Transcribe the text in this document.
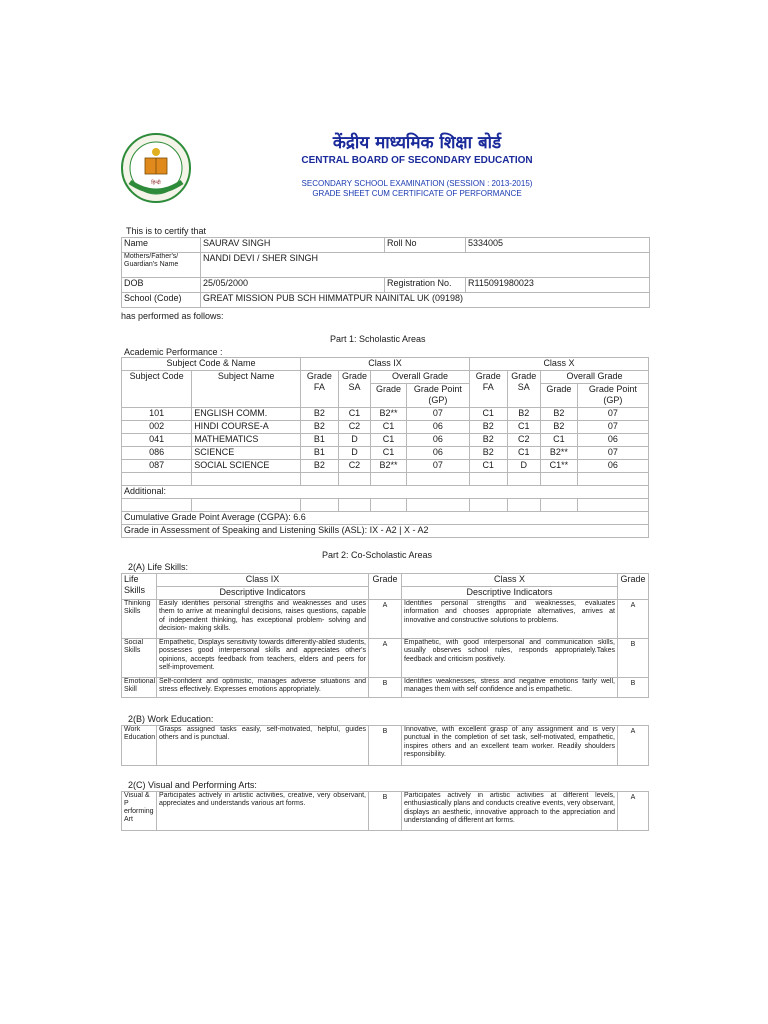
हिन्दी
केंद्रीय माध्यमिक शिक्षा बोर्ड
CENTRAL BOARD OF SECONDARY EDUCATION
SECONDARY SCHOOL EXAMINATION (SESSION : 2013-2015)
GRADE SHEET CUM CERTIFICATE OF PERFORMANCE
This is to certify that
Name	SAURAV SINGH	Roll No	5334005
Mothers/Father's/ Guardian's Name	NANDI DEVI / SHER SINGH		
DOB	25/05/2000	Registration No.	R115091980023
School (Code)	GREAT MISSION PUB SCH HIMMATPUR NAINITAL UK (09198)		
has performed as follows:
Part 1: Scholastic Areas
Academic Performance :
Subject Code & Name		Class IX				Class X			
Subject Code	Subject Name	Grade FA	Grade SA	Overall Grade		Grade FA	Grade SA	Overall Grade	
				Grade	Grade Point (GP)			Grade	Grade Point (GP)
101	ENGLISH COMM.	B2	C1	B2**	07	C1	B2	B2	07
002	HINDI COURSE-A	B2	C2	C1	06	B2	C1	B2	07
041	MATHEMATICS	B1	D	C1	06	B2	C2	C1	06
086	SCIENCE	B1	D	C1	06	B2	C1	B2**	07
087	SOCIAL SCIENCE	B2	C2	B2**	07	C1	D	C1**	06

Additional:									

Cumulative Grade Point Average (CGPA): 6.6									
Grade in Assessment of Speaking and Listening Skills (ASL): IX - A2 | X - A2									
Part 2: Co-Scholastic Areas
2(A) Life Skills:
Life Skills	Class IX	Grade	Class X	Grade
	Descriptive Indicators		Descriptive Indicators	
Thinking Skills	Easily identifies personal strengths and weaknesses and uses them to arrive at meaningful decisions, raises questions, capable of independent thinking, has exceptional problem- solving and decision- making skills.	A	Identifies personal strengths and weaknesses, evaluates information and chooses appropriate alternatives, arrives at innovative and constructive solutions to problems.	A
Social Skills	Empathetic, Displays sensitivity towards differently-abled students, possesses good interpersonal skills and appreciates other's opinions, accepts feedback from teachers, elders and peers for self-improvement.	A	Empathetic, with good interpersonal and communication skills, usually observes school rules, responds appropriately.Takes feedback and criticism positively.	B
Emotional Skill	Self-confident and optimistic, manages adverse situations and stress effectively. Expresses emotions appropriately.	B	Identifies weaknesses, stress and negative emotions fairly well, manages them with self confidence and is empathetic.	B
2(B) Work Education:
Work Education	Grasps assigned tasks easily, self-motivated, helpful, guides others and is punctual.	B	Innovative, with excellent grasp of any assignment and is very punctual in the completion of set task, self-motivated, empathetic, inspires others and an excellent team worker. Readily shoulders responsibility.	A
2(C) Visual and Performing Arts:
Visual & P erforming Art	Participates actively in artistic activities, creative, very observant, appreciates and understands various art forms.	B	Participates actively in artistic activities at different levels, enthusiastically plans and conducts creative events, very observant, displays an aesthetic, innovative approach to the appreciation and understanding of different art forms.	A
